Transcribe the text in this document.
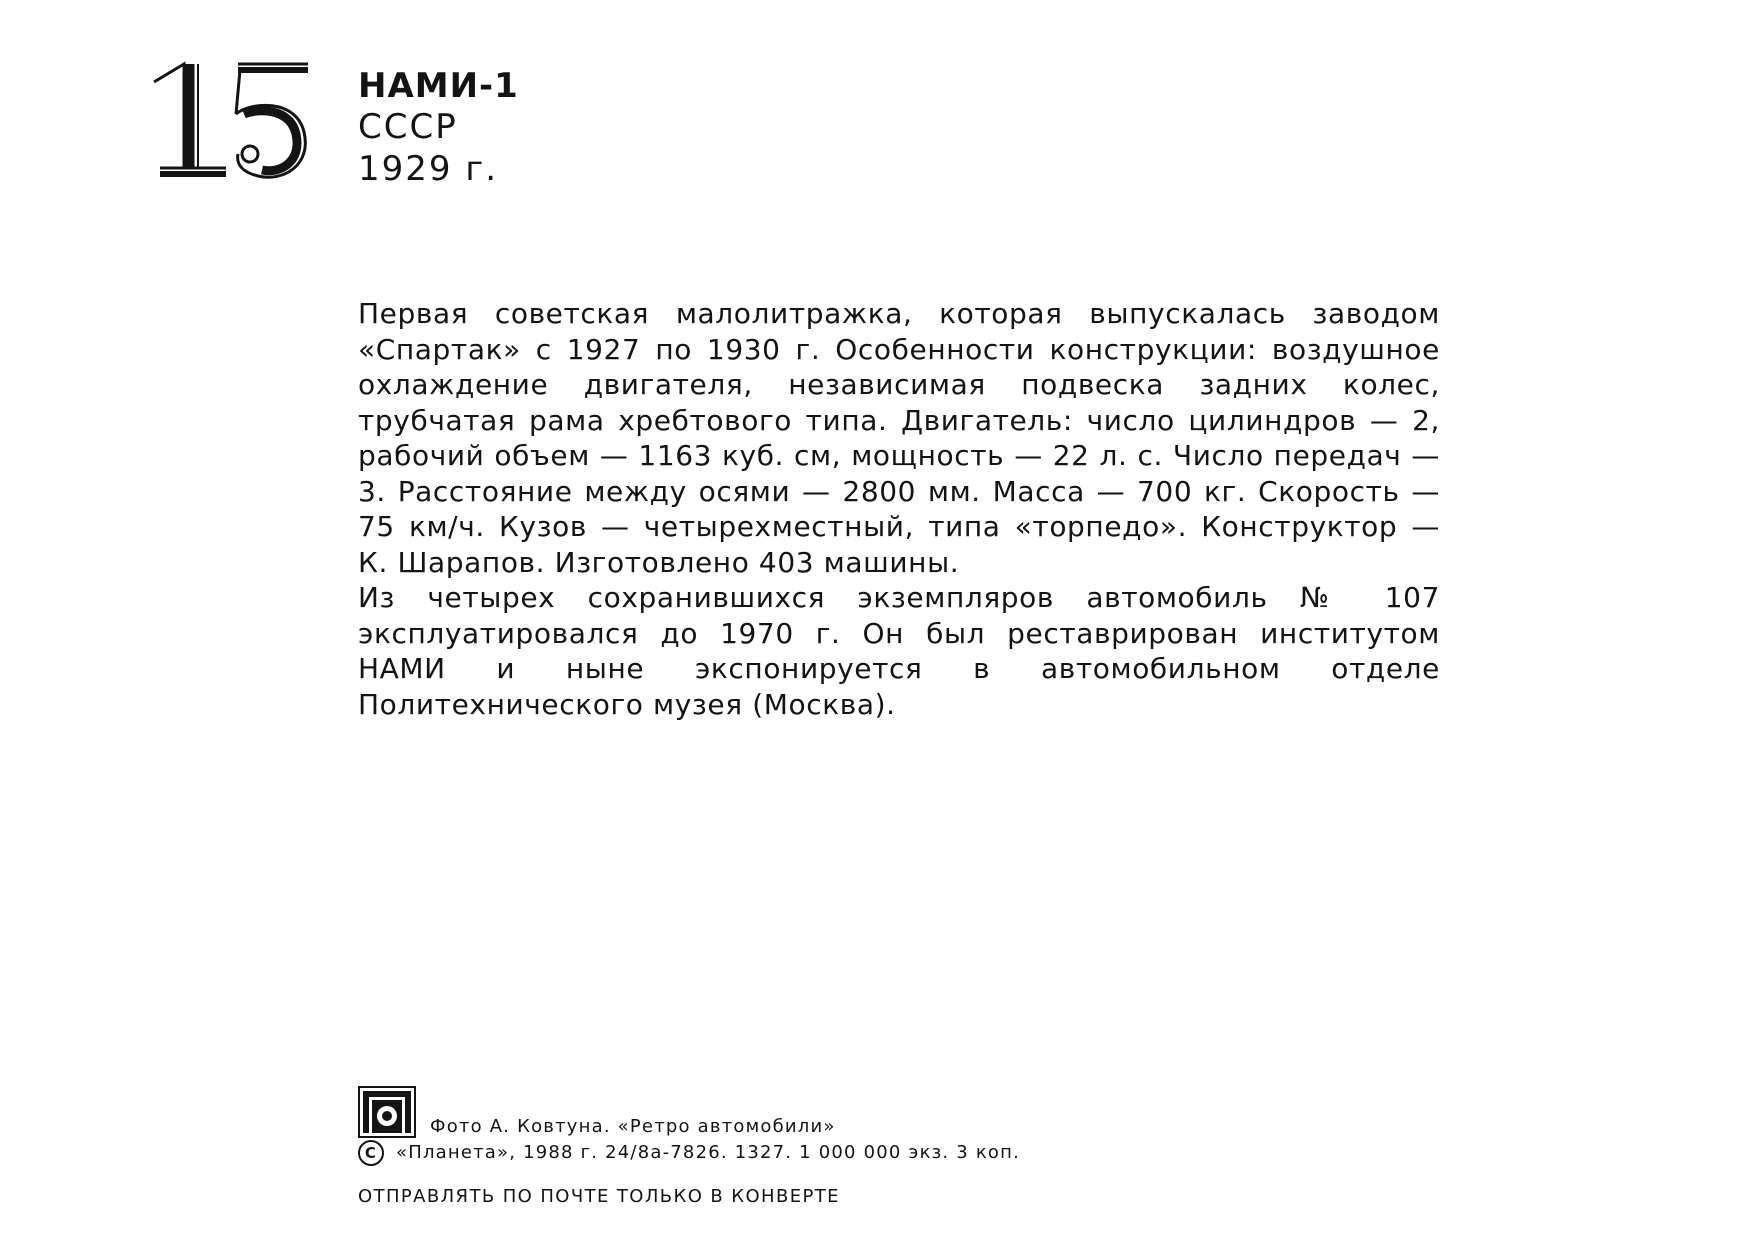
НАМИ-1
СССР
1929 г.

Первая советская малолитражка, которая выпускалась заводом «Спартак» с 1927 по 1930 г. Особенности конструкции: воздушное охлаждение двигателя, независимая подвеска задних колес, трубчатая рама хребтового типа. Двигатель: число цилиндров — 2, рабочий объем — 1163 куб. см, мощность — 22 л. с. Число передач — 3. Расстояние между осями — 2800 мм. Масса — 700 кг. Скорость — 75 км/ч. Кузов — четырехместный, типа «торпедо». Конструктор — К. Шарапов. Изготовлено 403 машины.

Из четырех сохранившихся экземпляров автомобиль № 107 эксплуатировался до 1970 г. Он был реставрирован институтом НАМИ и ныне экспонируется в автомобильном отделе Политехнического музея (Москва).

Фото А. Ковтуна. «Ретро автомобили»
C	«Планета», 1988 г. 24/8а-7826. 1327. 1 000 000 экз. 3 коп.
ОТПРАВЛЯТЬ ПО ПОЧТЕ ТОЛЬКО В КОНВЕРТЕ
